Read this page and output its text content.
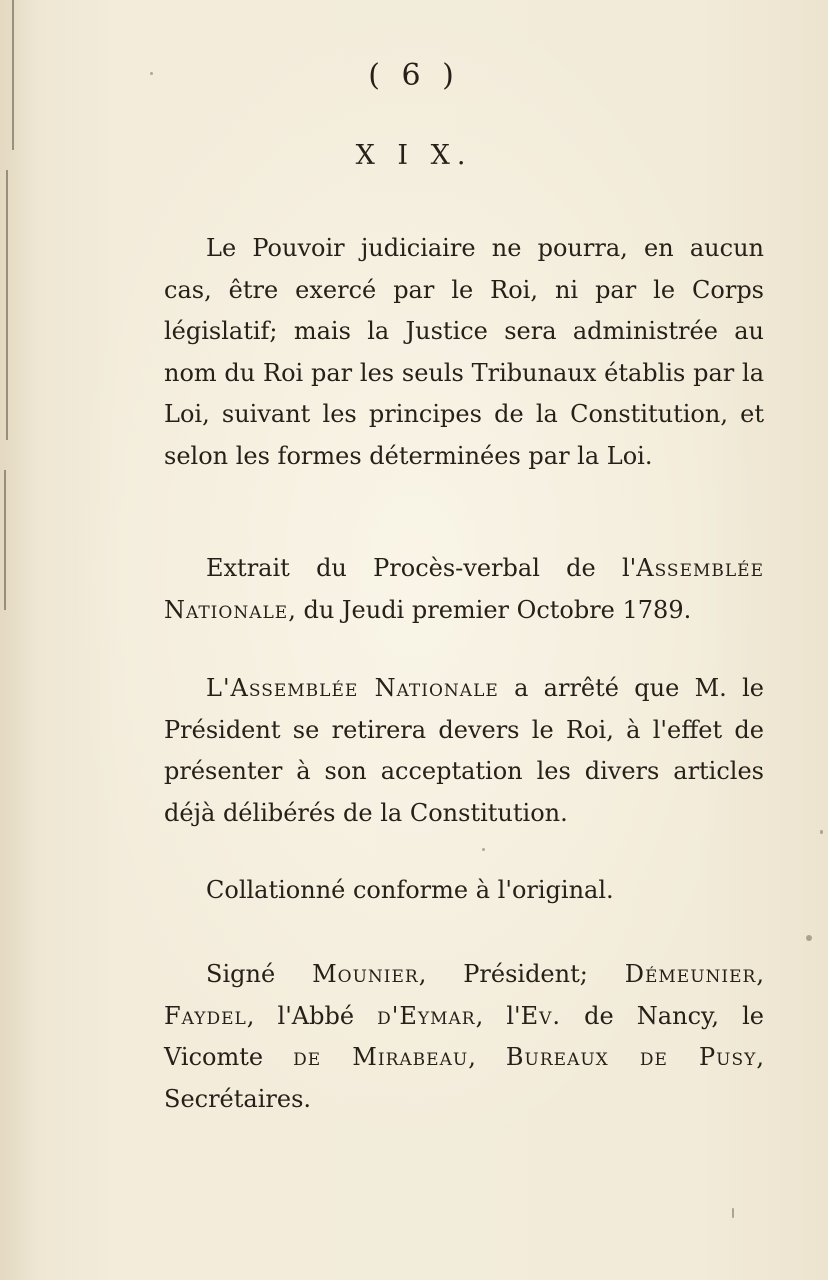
( 6 )
X I X.

Le Pouvoir judiciaire ne pourra, en aucun cas, être exercé par le Roi, ni par le Corps législatif; mais la Justice sera administrée au nom du Roi par les seuls Tribunaux établis par la Loi, suivant les principes de la Constitution, et selon les formes déterminées par la Loi.

Extrait du Procès-verbal de l'Assemblée Nationale, du Jeudi premier Octobre 1789.

L'Assemblée Nationale a arrêté que M. le Président se retirera devers le Roi, à l'effet de présenter à son acceptation les divers articles déjà délibérés de la Constitution.

Collationné conforme à l'original.

Signé Mounier, Président; Démeunier, Faydel, l'Abbé d'Eymar, l'Ev. de Nancy, le Vicomte de Mirabeau, Bureaux de Pusy, Secrétaires.
